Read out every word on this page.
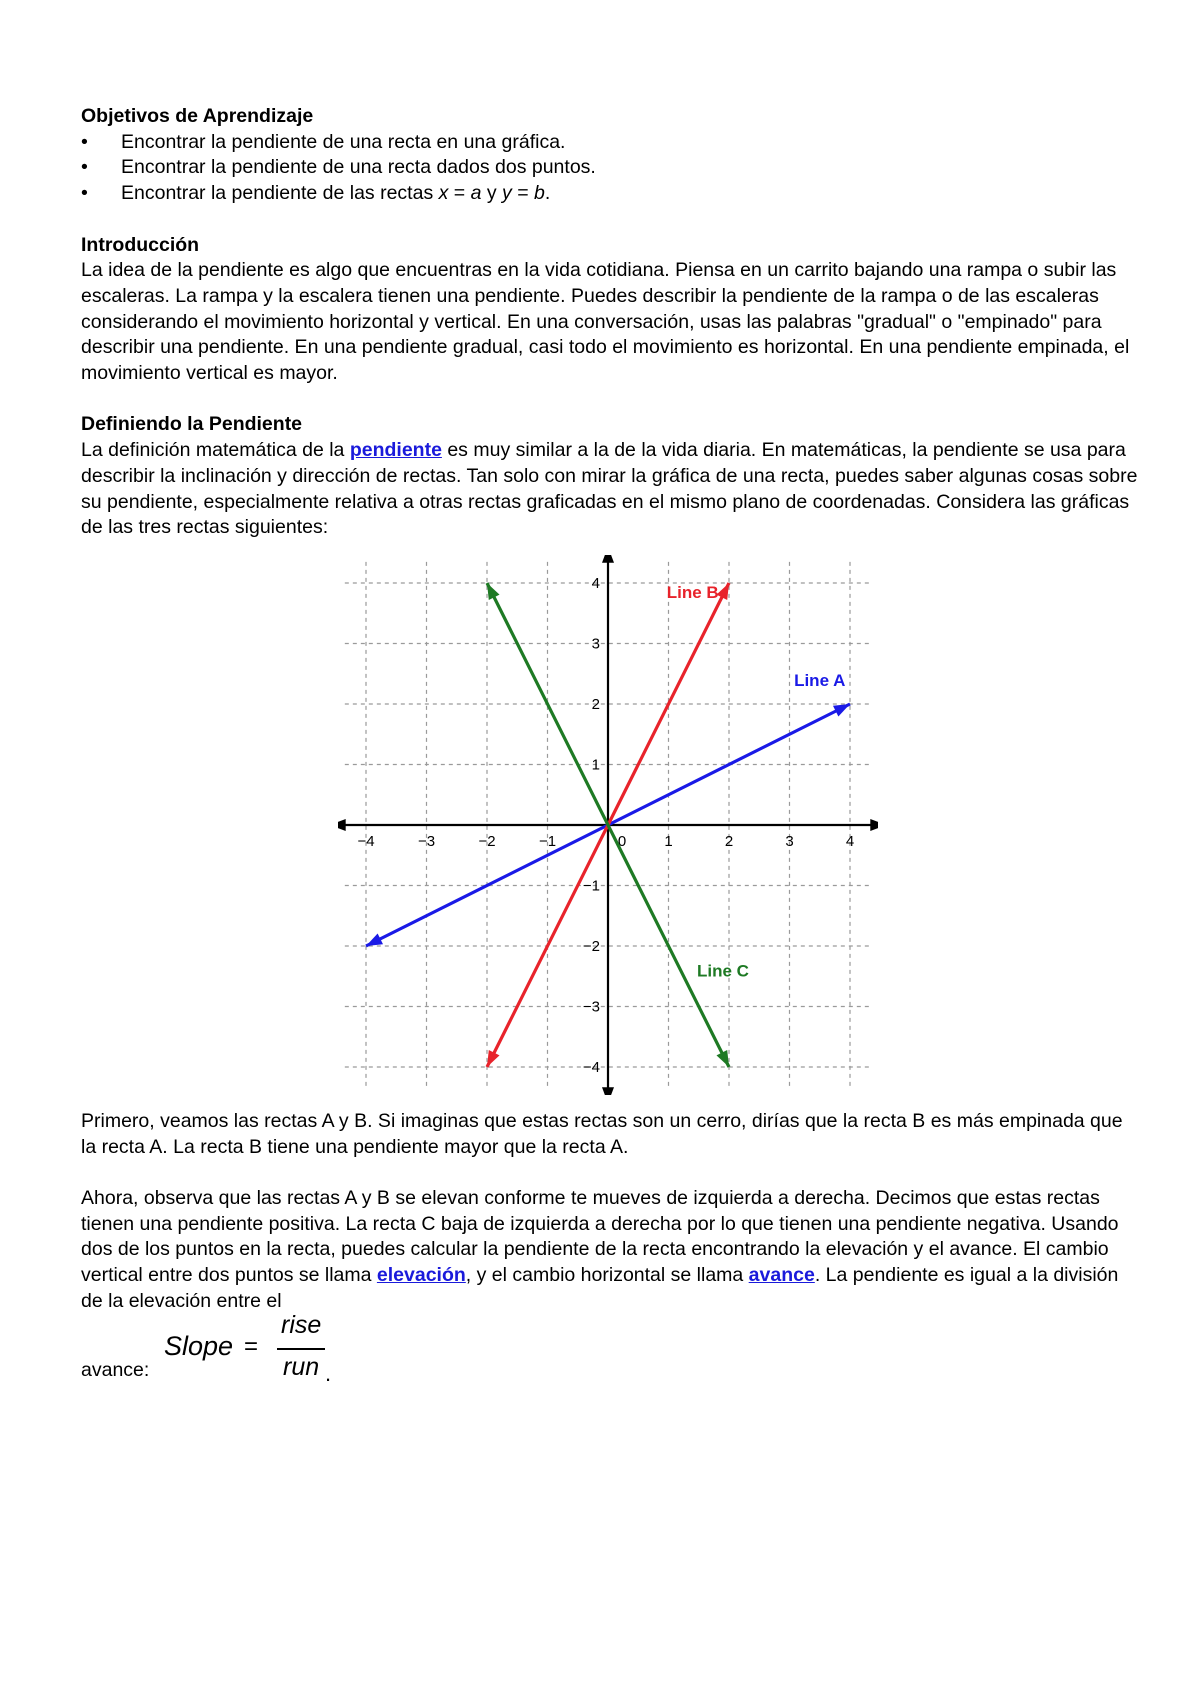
Objetivos de Aprendizaje
• Encontrar la pendiente de una recta en una gráfica.
• Encontrar la pendiente de una recta dados dos puntos.
• Encontrar la pendiente de las rectas x = a y y = b.
Introducción

La idea de la pendiente es algo que encuentras en la vida cotidiana. Piensa en un carrito bajando una rampa o subir las escaleras. La rampa y la escalera tienen una pendiente. Puedes describir la pendiente de la rampa o de las escaleras considerando el movimiento horizontal y vertical. En una conversación, usas las palabras "gradual" o "empinado" para describir una pendiente. En una pendiente gradual, casi todo el movimiento es horizontal. En una pendiente empinada, el movimiento vertical es mayor.

Definiendo la Pendiente

La definición matemática de la pendiente es muy similar a la de la vida diaria. En matemáticas, la pendiente se usa para describir la inclinación y dirección de rectas. Tan solo con mirar la gráfica de una recta, puedes saber algunas cosas sobre su pendiente, especialmente relativa a otras rectas graficadas en el mismo plano de coordenadas. Considera las gráficas de las tres rectas siguientes:

−4	−3	−2	−1	0	1	2	3	4
−4
−3
−2
−1
1
2
3
4
Line A
Line B
Line C

Primero, veamos las rectas A y B. Si imaginas que estas rectas son un cerro, dirías que la recta B es más empinada que la recta A. La recta B tiene una pendiente mayor que la recta A.

Ahora, observa que las rectas A y B se elevan conforme te mueves de izquierda a derecha. Decimos que estas rectas tienen una pendiente positiva. La recta C baja de izquierda a derecha por lo que tienen una pendiente negativa. Usando dos de los puntos en la recta, puedes calcular la pendiente de la recta encontrando la elevación y el avance. El cambio vertical entre dos puntos se llama elevación, y el cambio horizontal se llama avance. La pendiente es igual a la división de la elevación entre el

avance:
Slope =
rise
run .
